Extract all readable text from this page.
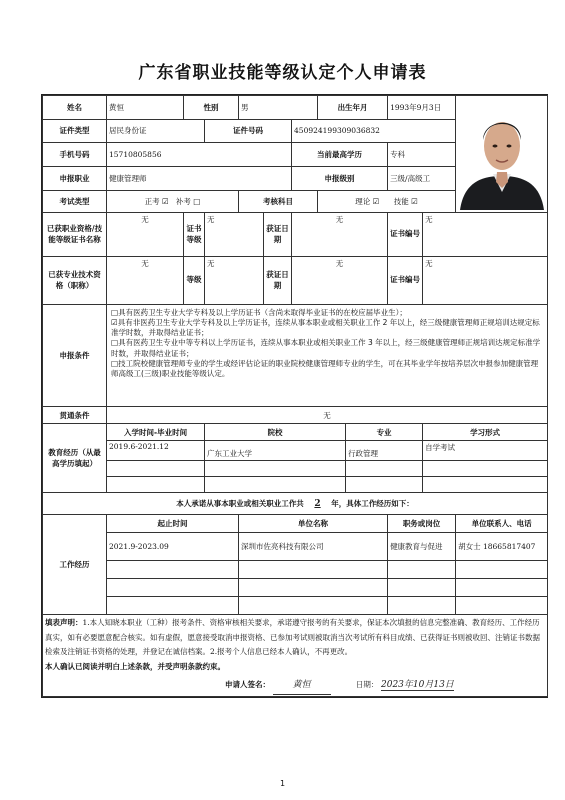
广东省职业技能等级认定个人申请表
姓名	黄恒	性别		男			出生年月		1993年9月3日	
证件类型	居民身份证		证件号码			450924199309036832					
手机号码	15710805856					当前最高学历			专科		
申报职业	健康管理师					申报级别			三级/高级工		
考试类型	正考 ☑ 补考 □			考核科目			理论 ☑ 技能 ☑				
已获职业资格/技能等级证书名称	无	证书等级	无		获证日期	无			证书编号	无	
已获专业技术资格（职称）	无	等级	无		获证日期	无			证书编号	无	
申报条件	□具有医药卫生专业大学专科及以上学历证书（含尚未取得毕业证书的在校应届毕业生）；
☑具有非医药卫生专业大学专科及以上学历证书，连续从事本职业或相关职业工作 2 年以上，经三级健康管理师正规培训达规定标准学时数，并取得结业证书；
□具有医药卫生专业中等专科以上学历证书，连续从事本职业或相关职业工作 3 年以上，经三级健康管理师正规培训达规定标准学时数，并取得结业证书；
□技工院校健康管理师专业的学生或经评估论证的职业院校健康管理师专业的学生，可在其毕业学年按培养层次申报参加健康管理师高级工(三级)职业技能等级认定。										

贯通条件	无										
教育经历（从最高学历填起）	入学时间-毕业时间		院校					专业		学习形式	
	2019.6-2021.12		广东工业大学					行政管理		自学考试	

本人承诺从事本职业或相关职业工作共 2 年，具体工作经历如下：											
工作经历	起止时间			单位名称					职务或岗位		单位联系人、电话
	2021.9-2023.09			深圳市佐亮科技有限公司					健康教育与促进		胡女士 18665817407

填表声明：1.本人知晓本职业（工种）报考条件、资格审核相关要求，承诺遵守报考的有关要求，保证本次填报的信息完整准确、教育经历、工作经历真实，如有必要愿意配合核实。如有虚假，愿意接受取消申报资格、已参加考试则被取消当次考试所有科目成绩、已获得证书则被收回、注销证书数据检索及注销证书资格的处理，并登记在诚信档案。2.报考个人信息已经本人确认，不再更改。
本人确认已阅读并明白上述条款，并受声明条款约束。
申请人签名： 黄恒 日期： 2023年10月13日											
1
